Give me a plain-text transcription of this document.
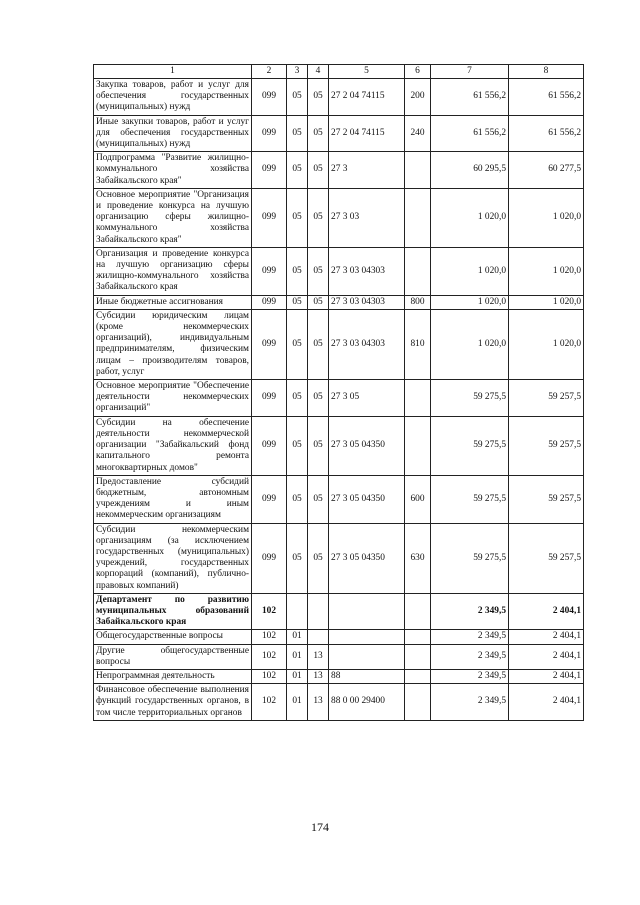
1	2	3	4	5	6	7	8
Закупка товаров, работ и услуг для обеспечения государственных (муниципальных) нужд	099	05	05	27 2 04 74115	200	61 556,2	61 556,2
Иные закупки товаров, работ и услуг для обеспечения государственных (муниципальных) нужд	099	05	05	27 2 04 74115	240	61 556,2	61 556,2
Подпрограмма "Развитие жилищно-коммунального хозяйства Забайкальского края"	099	05	05	27 3		60 295,5	60 277,5
Основное мероприятие "Организация и проведение конкурса на лучшую организацию сферы жилищно-коммунального хозяйства Забайкальского края"	099	05	05	27 3 03		1 020,0	1 020,0
Организация и проведение конкурса на лучшую организацию сферы жилищно-коммунального хозяйства Забайкальского края	099	05	05	27 3 03 04303		1 020,0	1 020,0
Иные бюджетные ассигнования	099	05	05	27 3 03 04303	800	1 020,0	1 020,0
Субсидии юридическим лицам (кроме некоммерческих организаций), индивидуальным предпринимателям, физическим лицам – производителям товаров, работ, услуг	099	05	05	27 3 03 04303	810	1 020,0	1 020,0
Основное мероприятие "Обеспечение деятельности некоммерческих организаций"	099	05	05	27 3 05		59 275,5	59 257,5
Субсидии на обеспечение деятельности некоммерческой организации "Забайкальский фонд капитального ремонта многоквартирных домов"	099	05	05	27 3 05 04350		59 275,5	59 257,5
Предоставление субсидий бюджетным, автономным учреждениям и иным некоммерческим организациям	099	05	05	27 3 05 04350	600	59 275,5	59 257,5
Субсидии некоммерческим организациям (за исключением государственных (муниципальных) учреждений, государственных корпораций (компаний), публично-правовых компаний)	099	05	05	27 3 05 04350	630	59 275,5	59 257,5
Департамент по развитию муниципальных образований Забайкальского края	102					2 349,5	2 404,1
Общегосударственные вопросы	102	01				2 349,5	2 404,1
Другие общегосударственные вопросы	102	01	13			2 349,5	2 404,1
Непрограммная деятельность	102	01	13	88		2 349,5	2 404,1
Финансовое обеспечение выполнения функций государственных органов, в том числе территориальных органов	102	01	13	88 0 00 29400		2 349,5	2 404,1
174
